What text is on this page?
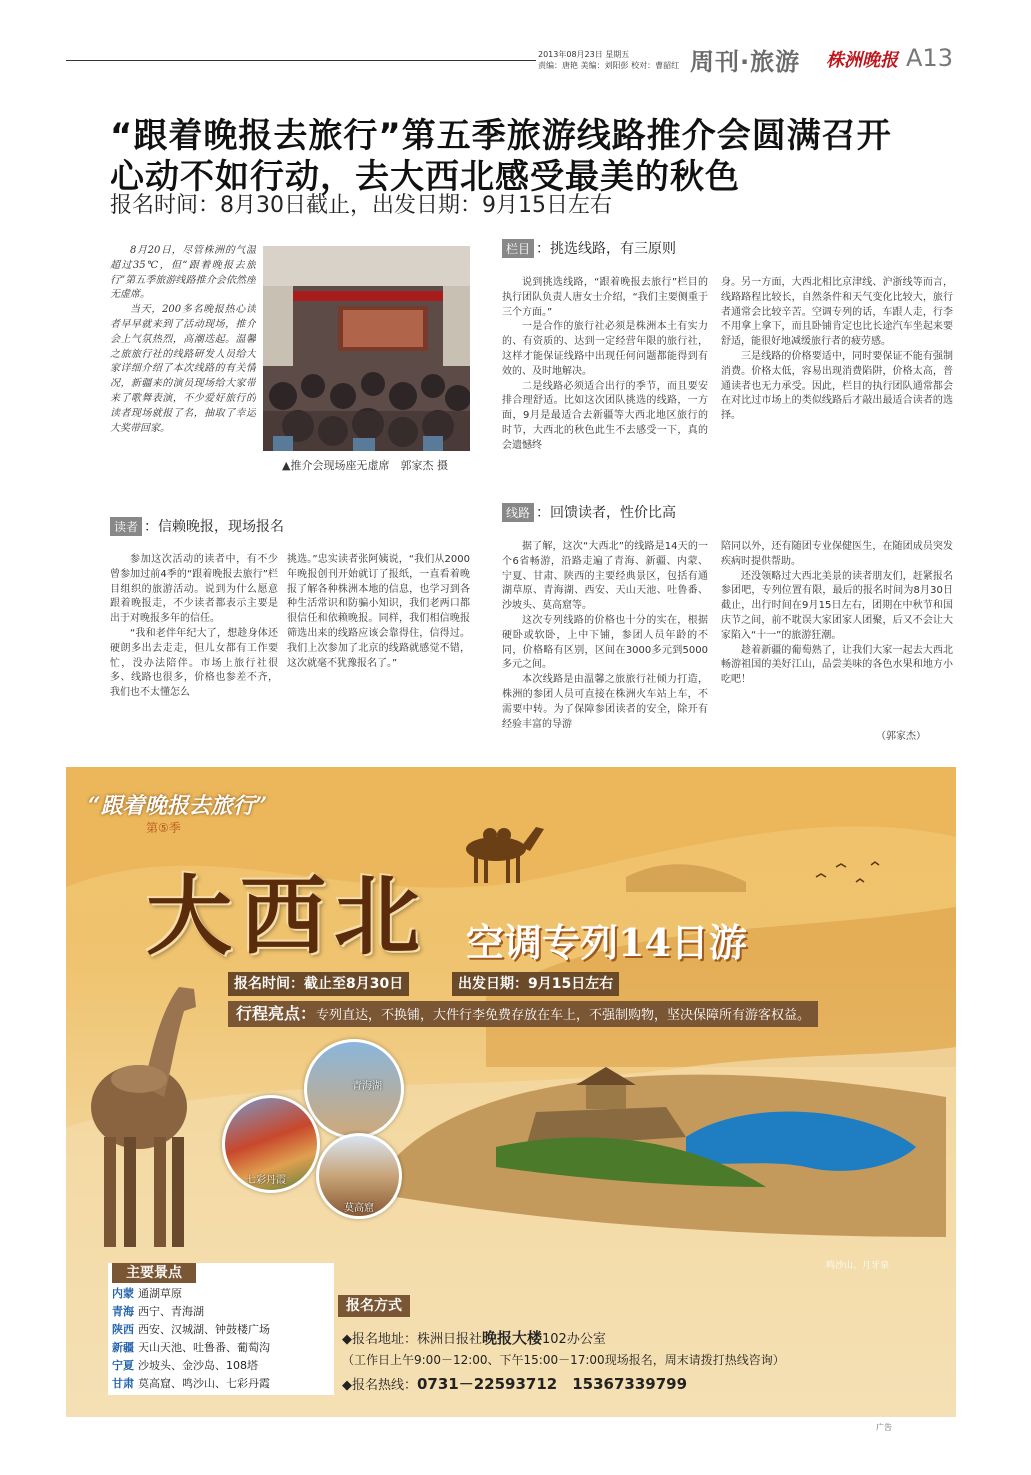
2013年08月23日 星期五
责编：唐艳 美编：刘阳彭 校对：曹韶红 周刊·旅游 株洲晚报 A13
“跟着晚报去旅行”第五季旅游线路推介会圆满召开
心动不如行动，去大西北感受最美的秋色
报名时间：8月30日截止，出发日期：9月15日左右

8月20日，尽管株洲的气温超过35℃，但“跟着晚报去旅行”第五季旅游线路推介会依然座无虚席。

当天，200多名晚报热心读者早早就来到了活动现场，推介会上气氛热烈，高潮迭起。温馨之旅旅行社的线路研发人员给大家详细介绍了本次线路的有关情况，新疆来的演员现场给大家带来了歌舞表演，不少爱好旅行的读者现场就报了名，抽取了幸运大奖带回家。

▲推介会现场座无虚席　郭家杰 摄
栏目 ：挑选线路，有三原则

说到挑选线路，“跟着晚报去旅行”栏目的执行团队负责人唐女士介绍，“我们主要侧重于三个方面。”

一是合作的旅行社必须是株洲本土有实力的、有资质的、达到一定经营年限的旅行社，这样才能保证线路中出现任何问题都能得到有效的、及时地解决。

二是线路必须适合出行的季节，而且要安排合理舒适。比如这次团队挑选的线路，一方面，9月是最适合去新疆等大西北地区旅行的时节，大西北的秋色此生不去感受一下，真的会遗憾终

身。另一方面，大西北相比京津线、沪浙线等而言，线路路程比较长，自然条件和天气变化比较大，旅行者通常会比较辛苦。空调专列的话，车跟人走，行李不用拿上拿下，而且卧铺肯定也比长途汽车坐起来要舒适，能很好地减缓旅行者的疲劳感。

三是线路的价格要适中，同时要保证不能有强制消费。价格太低，容易出现消费陷阱，价格太高，普通读者也无力承受。因此，栏目的执行团队通常都会在对比过市场上的类似线路后才敲出最适合读者的选择。

读者 ：信赖晚报，现场报名

参加这次活动的读者中，有不少曾参加过前4季的“跟着晚报去旅行”栏目组织的旅游活动。说到为什么愿意跟着晚报走，不少读者都表示主要是出于对晚报多年的信任。

“我和老伴年纪大了，想趁身体还硬朗多出去走走，但儿女都有工作要忙，没办法陪伴。市场上旅行社很多、线路也很多，价格也参差不齐，我们也不太懂怎么

挑选。”忠实读者张阿姨说，“我们从2000年晚报创刊开始就订了报纸，一直看着晚报了解各种株洲本地的信息，也学习到各种生活常识和防骗小知识，我们老两口都很信任和依赖晚报。同样，我们相信晚报筛选出来的线路应该会靠得住，信得过。我们上次参加了北京的线路就感觉不错，这次就毫不犹豫报名了。”

线路 ：回馈读者，性价比高

据了解，这次“大西北”的线路是14天的一个6省畅游，沿路走遍了青海、新疆、内蒙、宁夏、甘肃、陕西的主要经典景区，包括有通湖草原、青海湖、西安、天山天池、吐鲁番、沙坡头、莫高窟等。

这次专列线路的价格也十分的实在，根据硬卧或软卧，上中下铺，参团人员年龄的不同，价格略有区别，区间在3000多元到5000多元之间。

本次线路是由温馨之旅旅行社倾力打造，株洲的参团人员可直接在株洲火车站上车，不需要中转。为了保障参团读者的安全，除开有经验丰富的导游

陪同以外，还有随团专业保健医生，在随团成员突发疾病时提供帮助。

还没领略过大西北美景的读者朋友们，赶紧报名参团吧，专列位置有限，最后的报名时间为8月30日截止，出行时间在9月15日左右，团期在中秋节和国庆节之间，前不耽误大家团家人团聚，后又不会让大家陷入“十一”的旅游狂潮。

趁着新疆的葡萄熟了，让我们大家一起去大西北畅游祖国的美好江山，品尝美味的各色水果和地方小吃吧！

（郭家杰）
“跟着晚报去旅行”
第⑤季
大西北 空调专列14日游
报名时间：截止至8月30日	出发日期：9月15日左右
行程亮点：专列直达，不换铺，大件行李免费存放在车上，不强制购物，坚决保障所有游客权益。
青海湖
七彩丹霞
莫高窟
鸣沙山、月牙泉
主要景点
内蒙 通湖草原
青海 西宁、青海湖
陕西 西安、汉城湖、钟鼓楼广场
新疆 天山天池、吐鲁番、葡萄沟
宁夏 沙坡头、金沙岛、108塔
甘肃 莫高窟、鸣沙山、七彩丹霞
报名方式
◆报名地址：株洲日报社晚报大楼102办公室
（工作日上午9:00－12:00、下午15:00－17:00现场报名，周末请拨打热线咨询）
◆报名热线：0731－22593712　15367339799
广告
